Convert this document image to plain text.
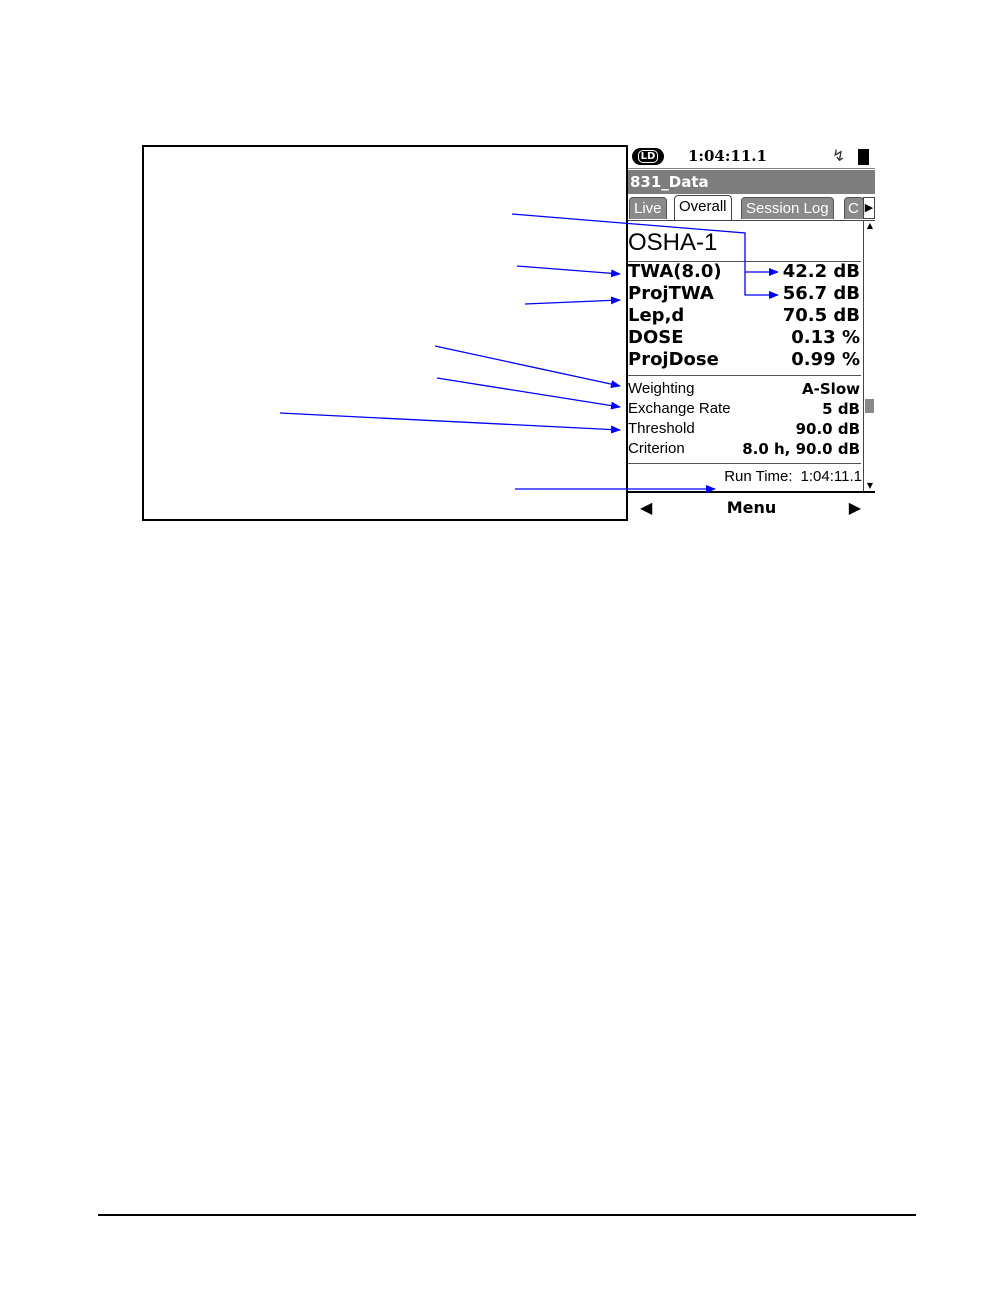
LD	1:04:11.1	↯
831_Data
Live	Overall	Session Log	C ▶
OSHA-1
TWA(8.0)	42.2 dB
ProjTWA	56.7 dB
Lep,d	70.5 dB
DOSE	0.13 %
ProjDose	0.99 %
Weighting	A-Slow
Exchange Rate	5 dB
Threshold	90.0 dB
Criterion	8.0 h, 90.0 dB
Run Time: 1:04:11.1
▲
▼
◀	Menu	▶
